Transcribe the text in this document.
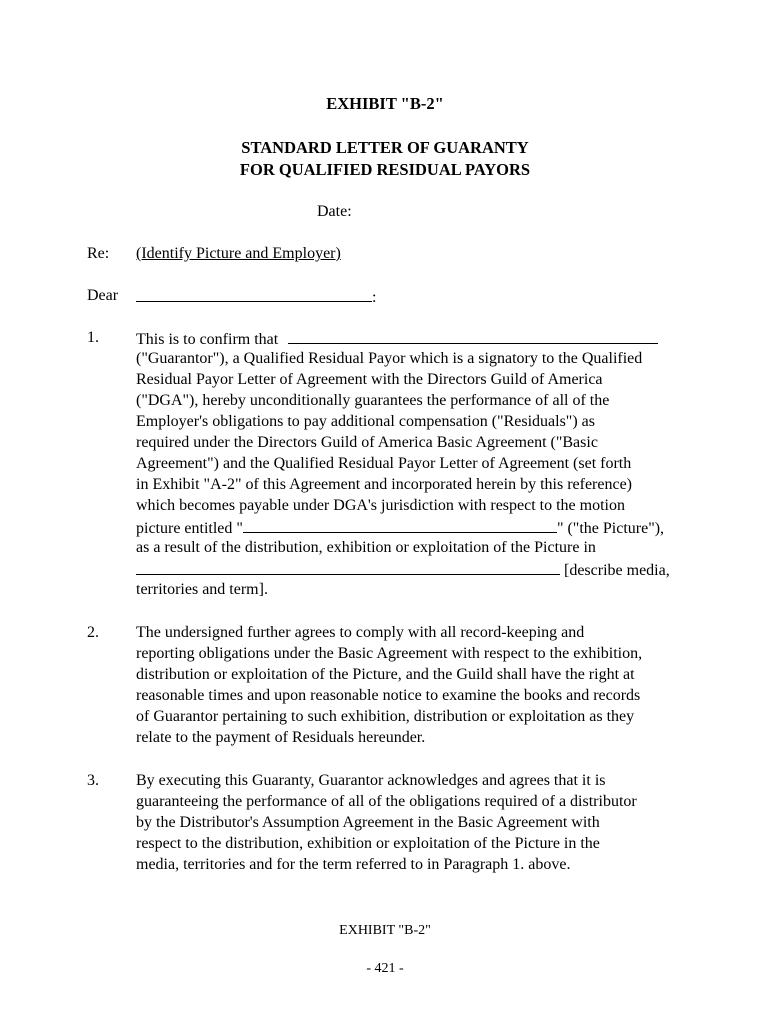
EXHIBIT "B-2"
STANDARD LETTER OF GUARANTY
FOR QUALIFIED RESIDUAL PAYORS
Date:
Re: (Identify Picture and Employer)
Dear	:
1. This is to confirm that
("Guarantor"), a Qualified Residual Payor which is a signatory to the Qualified
Residual Payor Letter of Agreement with the Directors Guild of America
("DGA"), hereby unconditionally guarantees the performance of all of the
Employer's obligations to pay additional compensation ("Residuals") as
required under the Directors Guild of America Basic Agreement ("Basic
Agreement") and the Qualified Residual Payor Letter of Agreement (set forth
in Exhibit "A-2" of this Agreement and incorporated herein by this reference)
which becomes payable under DGA's jurisdiction with respect to the motion
picture entitled "	" ("the Picture"),
as a result of the distribution, exhibition or exploitation of the Picture in
[describe media,
territories and term].
2. The undersigned further agrees to comply with all record-keeping and
reporting obligations under the Basic Agreement with respect to the exhibition,
distribution or exploitation of the Picture, and the Guild shall have the right at
reasonable times and upon reasonable notice to examine the books and records
of Guarantor pertaining to such exhibition, distribution or exploitation as they
relate to the payment of Residuals hereunder.
3. By executing this Guaranty, Guarantor acknowledges and agrees that it is
guaranteeing the performance of all of the obligations required of a distributor
by the Distributor's Assumption Agreement in the Basic Agreement with
respect to the distribution, exhibition or exploitation of the Picture in the
media, territories and for the term referred to in Paragraph 1. above.
EXHIBIT "B-2"
- 421 -
